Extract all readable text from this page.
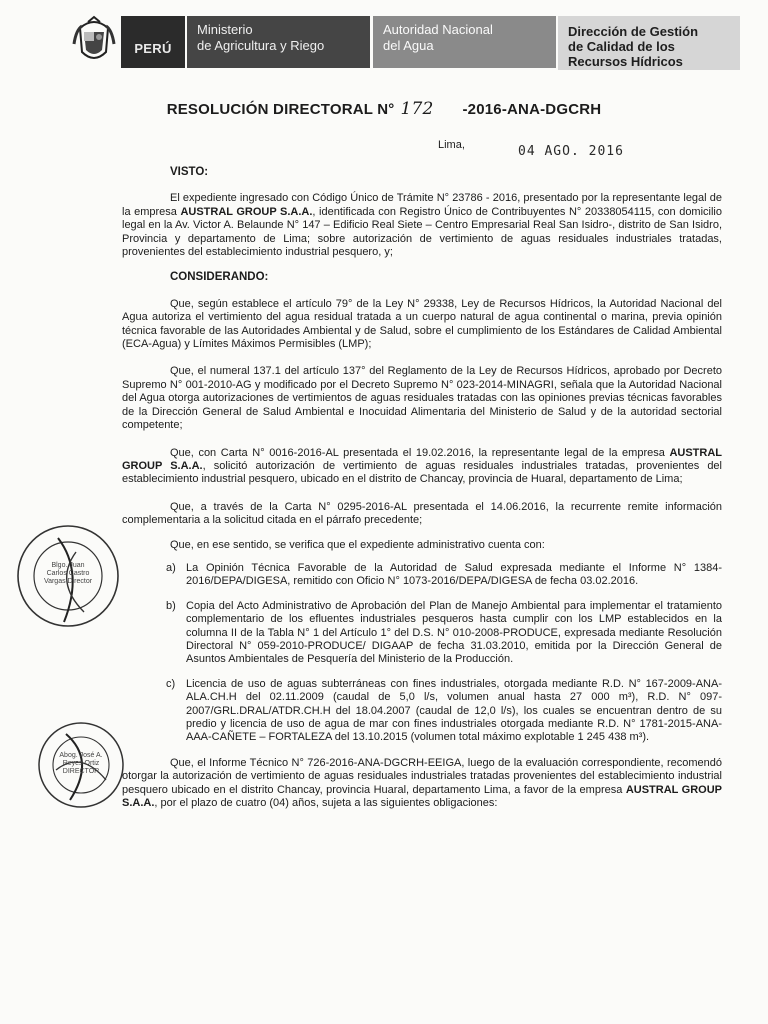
PERÚ
Ministerio
de Agricultura y Riego
Autoridad Nacional
del Agua
Dirección de Gestión
de Calidad de los
Recursos Hídricos
RESOLUCIÓN DIRECTORAL N° 172 -2016-ANA-DGCRH
Lima,	04 AGO. 2016
VISTO:
El expediente ingresado con Código Único de Trámite N° 23786 - 2016, presentado por la representante legal de la empresa AUSTRAL GROUP S.A.A., identificada con Registro Único de Contribuyentes N° 20338054115, con domicilio legal en la Av. Victor A. Belaunde N° 147 – Edificio Real Siete – Centro Empresarial Real San Isidro-, distrito de San Isidro, Provincia y departamento de Lima; sobre autorización de vertimiento de aguas residuales industriales tratadas, provenientes del establecimiento industrial pesquero, y;
CONSIDERANDO:
Que, según establece el artículo 79° de la Ley N° 29338, Ley de Recursos Hídricos, la Autoridad Nacional del Agua autoriza el vertimiento del agua residual tratada a un cuerpo natural de agua continental o marina, previa opinión técnica favorable de las Autoridades Ambiental y de Salud, sobre el cumplimiento de los Estándares de Calidad Ambiental (ECA-Agua) y Límites Máximos Permisibles (LMP);
Que, el numeral 137.1 del artículo 137° del Reglamento de la Ley de Recursos Hídricos, aprobado por Decreto Supremo N° 001-2010-AG y modificado por el Decreto Supremo N° 023-2014-MINAGRI, señala que la Autoridad Nacional del Agua otorga autorizaciones de vertimientos de aguas residuales tratadas con las opiniones previas técnicas favorables de la Dirección General de Salud Ambiental e Inocuidad Alimentaria del Ministerio de Salud y de la autoridad sectorial competente;
Que, con Carta N° 0016-2016-AL presentada el 19.02.2016, la representante legal de la empresa AUSTRAL GROUP S.A.A., solicitó autorización de vertimiento de aguas residuales industriales tratadas, provenientes del establecimiento industrial pesquero, ubicado en el distrito de Chancay, provincia de Huaral, departamento de Lima;
Que, a través de la Carta N° 0295-2016-AL presentada el 14.06.2016, la recurrente remite información complementaria a la solicitud citada en el párrafo precedente;
Que, en ese sentido, se verifica que el expediente administrativo cuenta con:
a) La Opinión Técnica Favorable de la Autoridad de Salud expresada mediante el Informe N° 1384-2016/DEPA/DIGESA, remitido con Oficio N° 1073-2016/DEPA/DIGESA de fecha 03.02.2016.
b) Copia del Acto Administrativo de Aprobación del Plan de Manejo Ambiental para implementar el tratamiento complementario de los efluentes industriales pesqueros hasta cumplir con los LMP establecidos en la columna II de la Tabla N° 1 del Artículo 1° del D.S. N° 010-2008-PRODUCE, expresada mediante Resolución Directoral N° 059-2010-PRODUCE/ DIGAAP de fecha 31.03.2010, emitida por la Dirección General de Asuntos Ambientales de Pesquería del Ministerio de la Producción.
c) Licencia de uso de aguas subterráneas con fines industriales, otorgada mediante R.D. N° 167-2009-ANA-ALA.CH.H del 02.11.2009 (caudal de 5,0 l/s, volumen anual hasta 27 000 m³), R.D. N° 097-2007/GRL.DRAL/ATDR.CH.H del 18.04.2007 (caudal de 12,0 l/s), los cuales se encuentran dentro de su predio y licencia de uso de agua de mar con fines industriales otorgada mediante R.D. N° 1781-2015-ANA-AAA-CAÑETE – FORTALEZA del 13.10.2015 (volumen total máximo explotable 1 245 438 m³).
Que, el Informe Técnico N° 726-2016-ANA-DGCRH-EEIGA, luego de la evaluación correspondiente, recomendó otorgar la autorización de vertimiento de aguas residuales industriales tratadas provenientes del establecimiento industrial pesquero ubicado en el distrito Chancay, provincia Huaral, departamento Lima, a favor de la empresa AUSTRAL GROUP S.A.A., por el plazo de cuatro (04) años, sujeta a las siguientes obligaciones:
Blgo. Juan Carlos Castro Vargas Director
Abog. José A. Reyes Ortiz DIRECTOR
